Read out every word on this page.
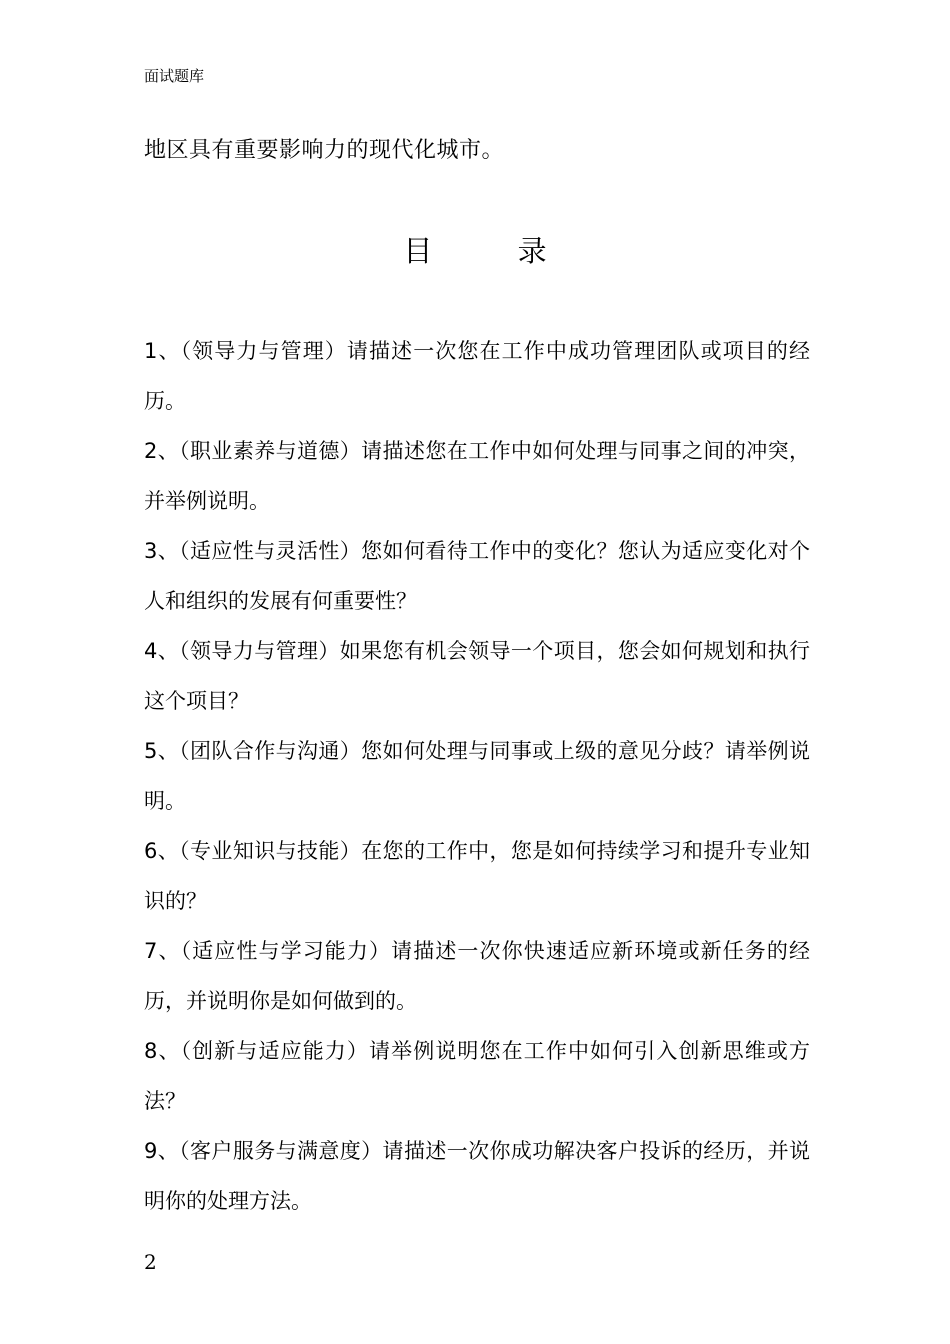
面试题库
地区具有重要影响力的现代化城市。
目 录
1、（领导力与管理）请描述一次您在工作中成功管理团队或项目的经历。
2、（职业素养与道德）请描述您在工作中如何处理与同事之间的冲突，并举例说明。
3、（适应性与灵活性）您如何看待工作中的变化？您认为适应变化对个人和组织的发展有何重要性？
4、（领导力与管理）如果您有机会领导一个项目，您会如何规划和执行这个项目？
5、（团队合作与沟通）您如何处理与同事或上级的意见分歧？请举例说明。
6、（专业知识与技能）在您的工作中，您是如何持续学习和提升专业知识的？
7、（适应性与学习能力）请描述一次你快速适应新环境或新任务的经历，并说明你是如何做到的。
8、（创新与适应能力）请举例说明您在工作中如何引入创新思维或方法？
9、（客户服务与满意度）请描述一次你成功解决客户投诉的经历，并说明你的处理方法。
2
